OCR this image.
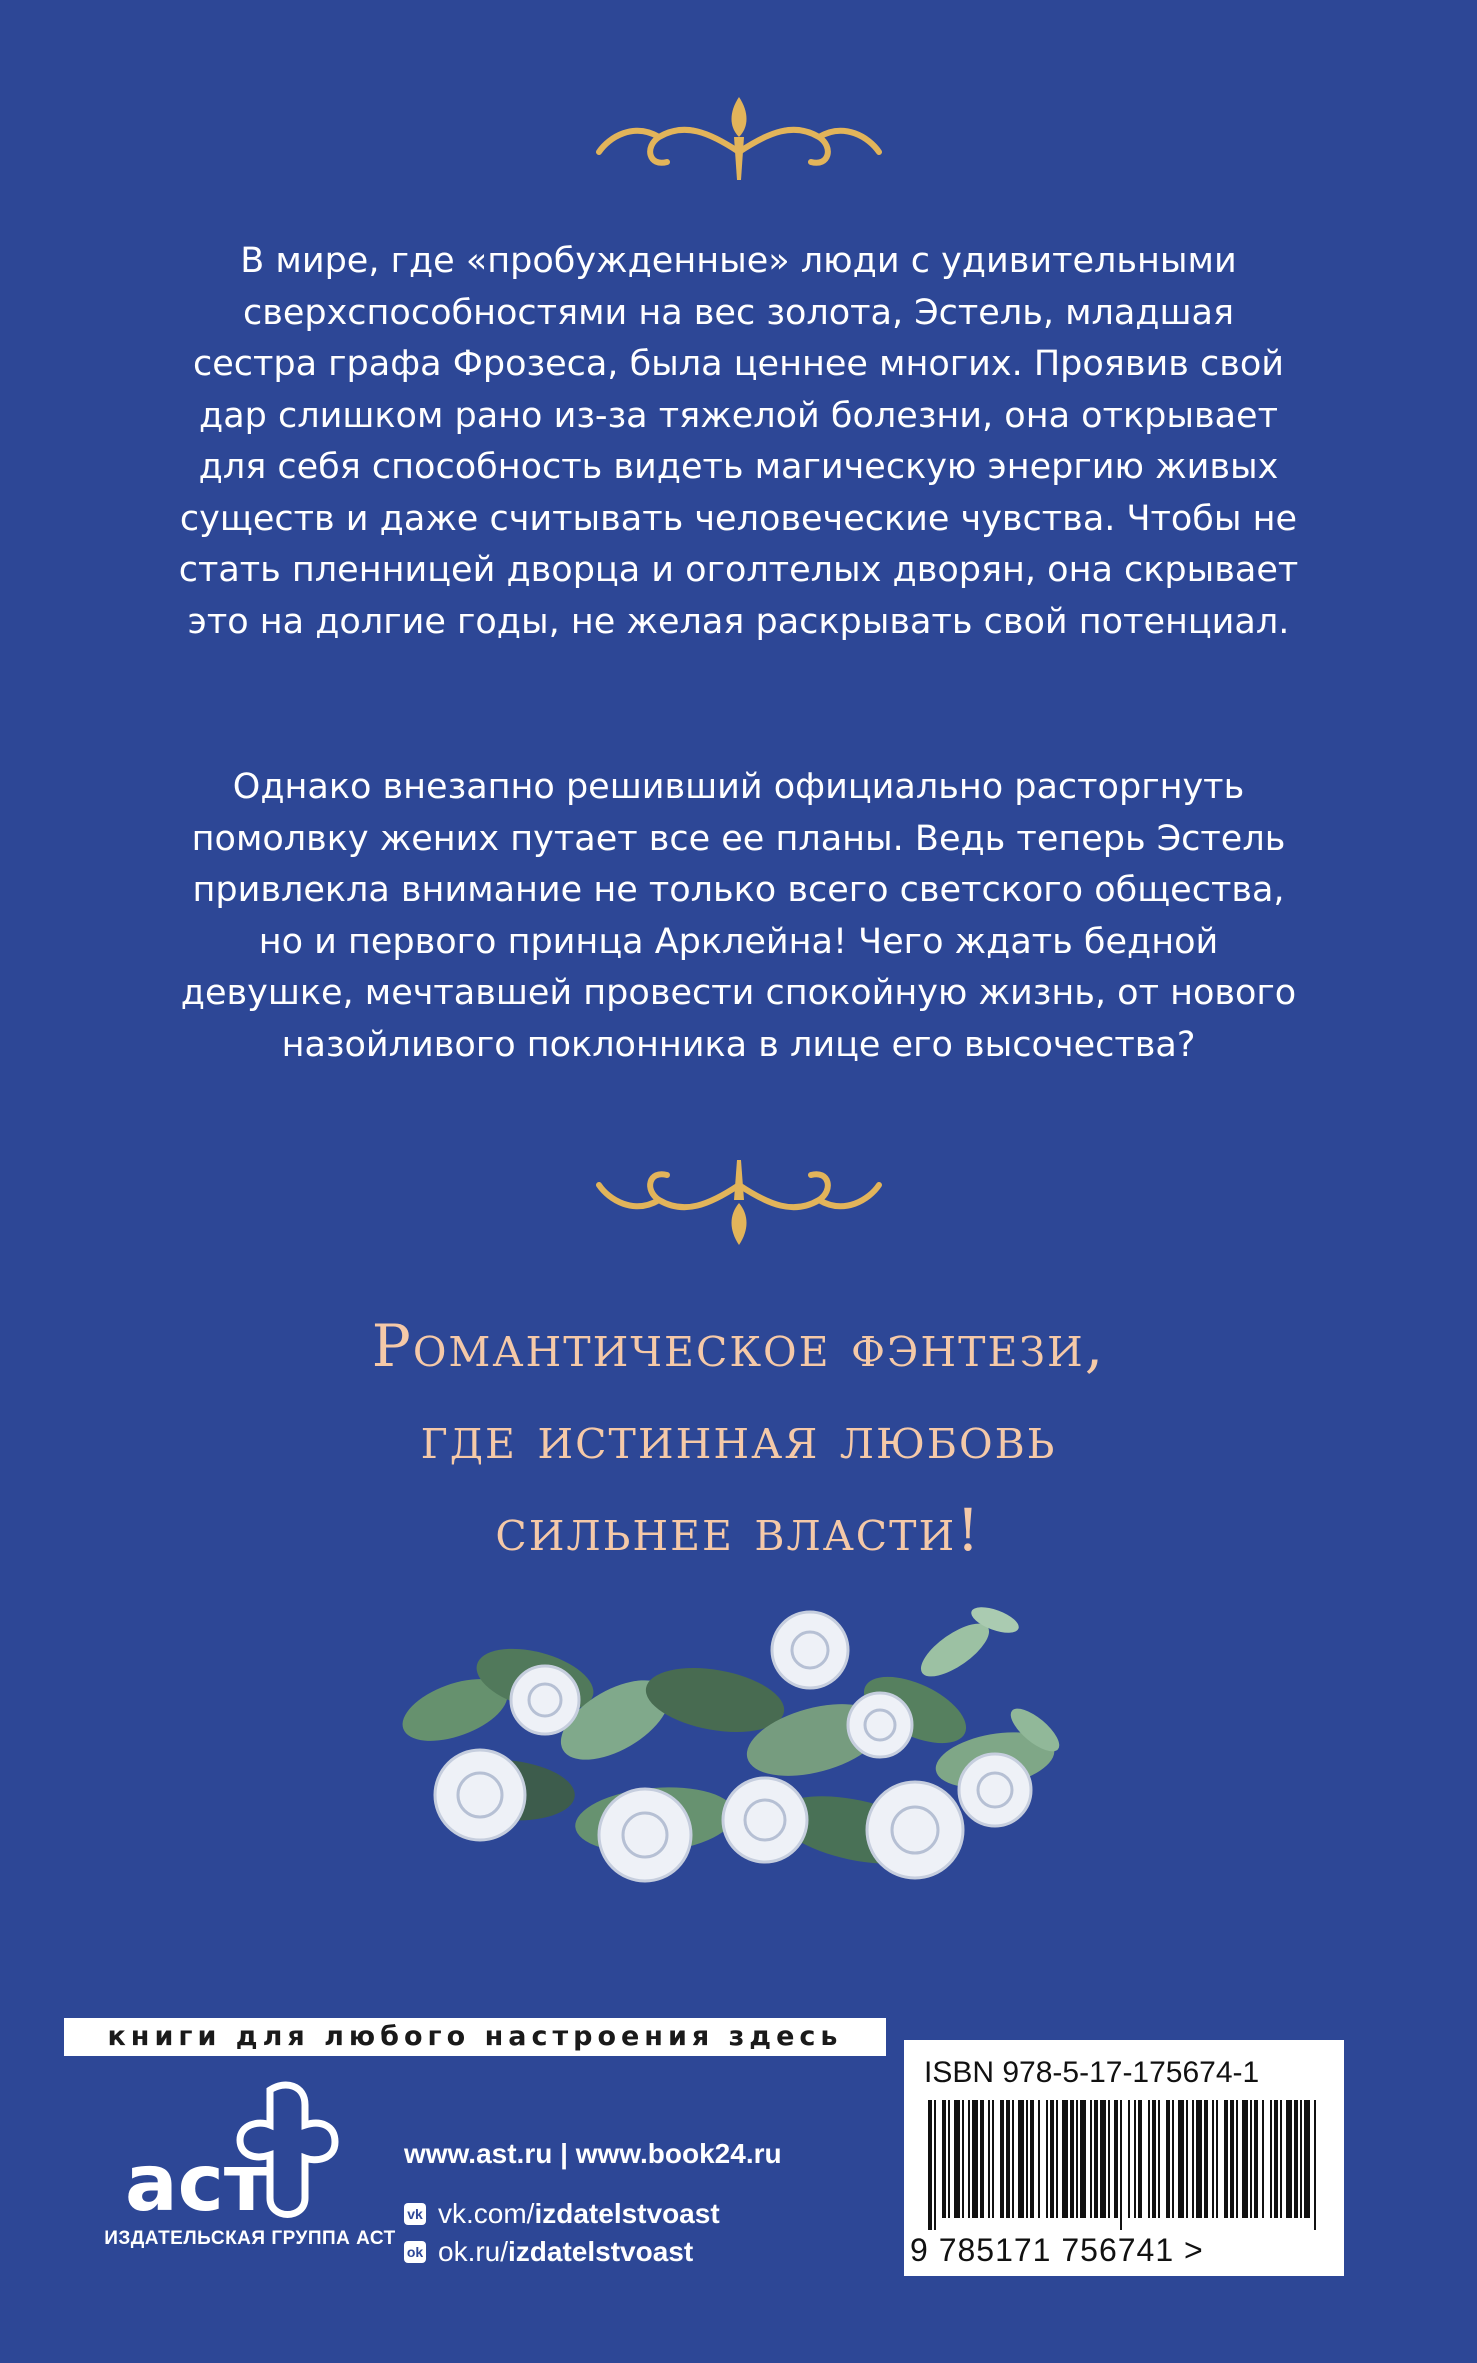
В мире, где «пробужденные» люди с удивительными
сверхспособностями на вес золота, Эстель, младшая
сестра графа Фрозеса, была ценнее многих. Проявив свой
дар слишком рано из-за тяжелой болезни, она открывает
для себя способность видеть магическую энергию живых
существ и даже считывать человеческие чувства. Чтобы не
стать пленницей дворца и оголтелых дворян, она скрывает
это на долгие годы, не желая раскрывать свой потенциал.
Однако внезапно решивший официально расторгнуть
помолвку жених путает все ее планы. Ведь теперь Эстель
привлекла внимание не только всего светского общества,
но и первого принца Арклейна! Чего ждать бедной
девушке, мечтавшей провести спокойную жизнь, от нового
назойливого поклонника в лице его высочества?
Романтическое фэнтези,
где истинная любовь
сильнее власти!
книги для любого настроения здесь
аст
ИЗДАТЕЛЬСКАЯ ГРУППА АСТ
www.ast.ru | www.book24.ru
vk vk.com/ izdatelstvoast
ok ok.ru/ izdatelstvoast
ISBN 978-5-17-175674-1
9 785171 756741 >
